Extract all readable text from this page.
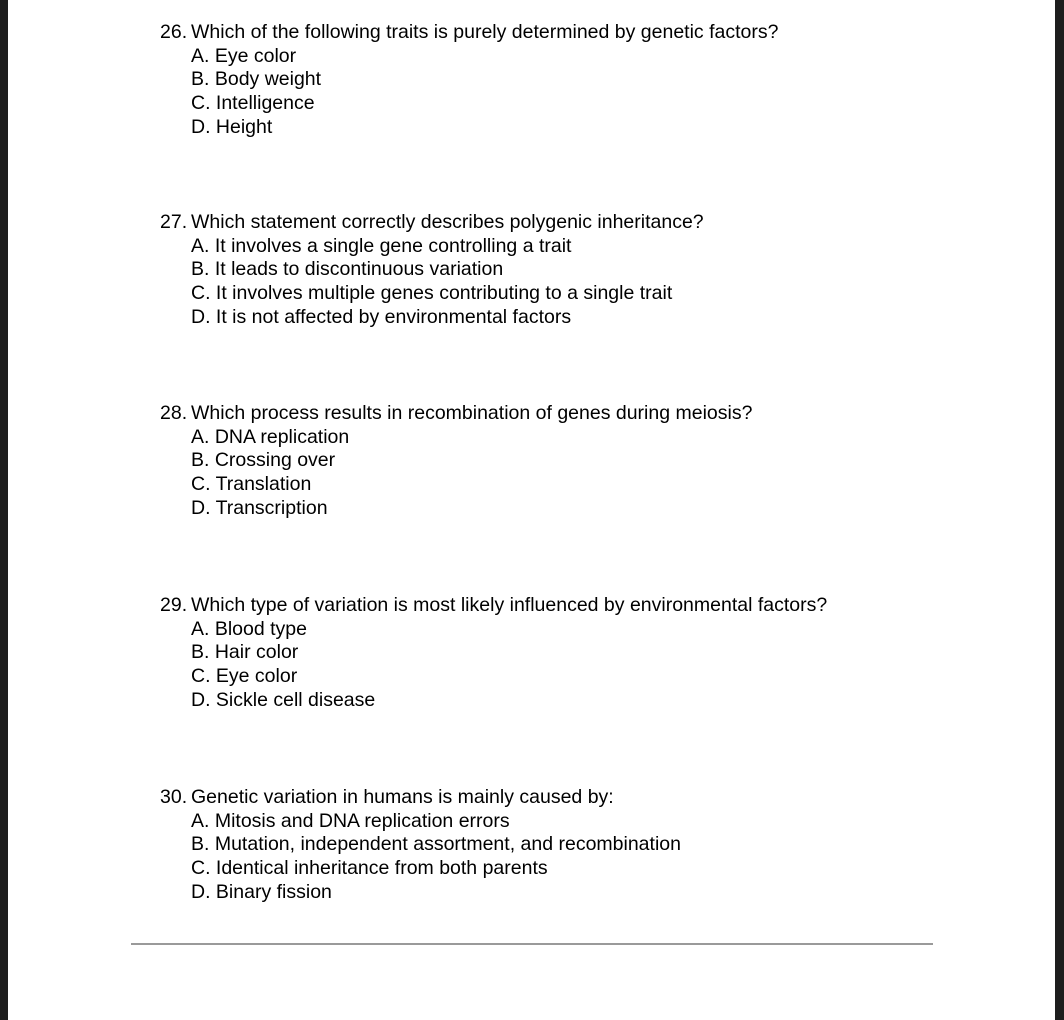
26. Which of the following traits is purely determined by genetic factors?
A. Eye color
B. Body weight
C. Intelligence
D. Height
27. Which statement correctly describes polygenic inheritance?
A. It involves a single gene controlling a trait
B. It leads to discontinuous variation
C. It involves multiple genes contributing to a single trait
D. It is not affected by environmental factors
28. Which process results in recombination of genes during meiosis?
A. DNA replication
B. Crossing over
C. Translation
D. Transcription
29. Which type of variation is most likely influenced by environmental factors?
A. Blood type
B. Hair color
C. Eye color
D. Sickle cell disease
30. Genetic variation in humans is mainly caused by:
A. Mitosis and DNA replication errors
B. Mutation, independent assortment, and recombination
C. Identical inheritance from both parents
D. Binary fission
